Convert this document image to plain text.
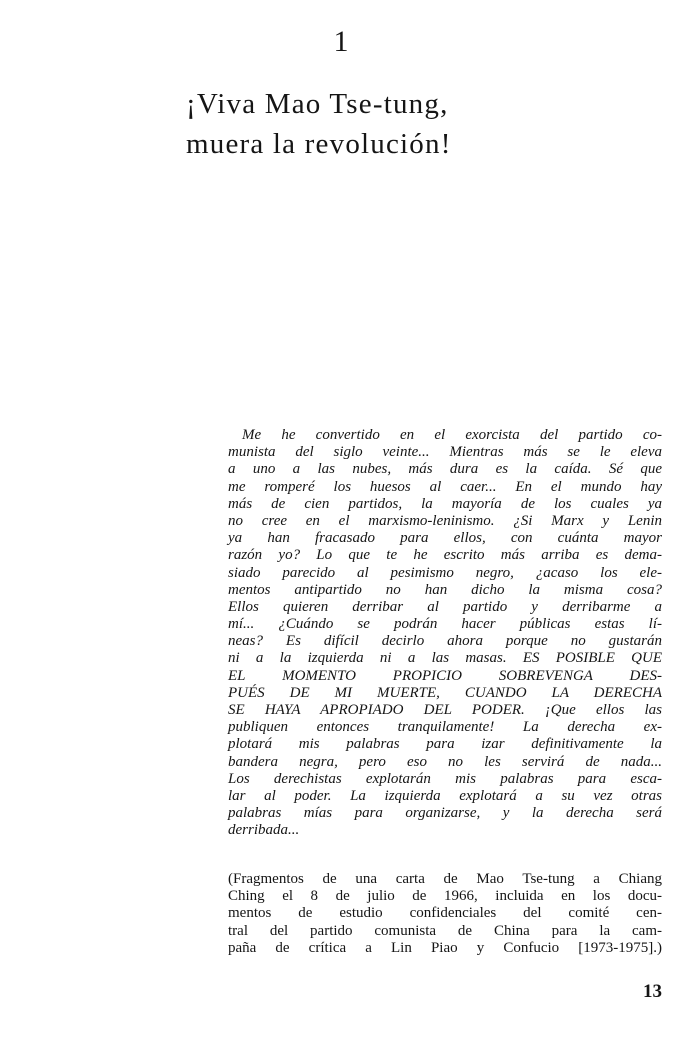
1
¡Viva Mao Tse-tung,
muera la revolución!
Me he convertido en el exorcista del partido co-
munista del siglo veinte... Mientras más se le eleva
a uno a las nubes, más dura es la caída. Sé que
me romperé los huesos al caer... En el mundo hay
más de cien partidos, la mayoría de los cuales ya
no cree en el marxismo-leninismo. ¿Si Marx y Lenin
ya han fracasado para ellos, con cuánta mayor
razón yo? Lo que te he escrito más arriba es dema-
siado parecido al pesimismo negro, ¿acaso los ele-
mentos antipartido no han dicho la misma cosa?
Ellos quieren derribar al partido y derribarme a
mí... ¿Cuándo se podrán hacer públicas estas lí-
neas? Es difícil decirlo ahora porque no gustarán
ni a la izquierda ni a las masas. ES POSIBLE QUE
EL MOMENTO PROPICIO SOBREVENGA DES-
PUÉS DE MI MUERTE, CUANDO LA DERECHA
SE HAYA APROPIADO DEL PODER. ¡Que ellos las
publiquen entonces tranquilamente! La derecha ex-
plotará mis palabras para izar definitivamente la
bandera negra, pero eso no les servirá de nada...
Los derechistas explotarán mis palabras para esca-
lar al poder. La izquierda explotará a su vez otras
palabras mías para organizarse, y la derecha será
derribada...
(Fragmentos de una carta de Mao Tse-tung a Chiang
Ching el 8 de julio de 1966, incluida en los docu-
mentos de estudio confidenciales del comité cen-
tral del partido comunista de China para la cam-
paña de crítica a Lin Piao y Confucio [1973-1975].)
13
